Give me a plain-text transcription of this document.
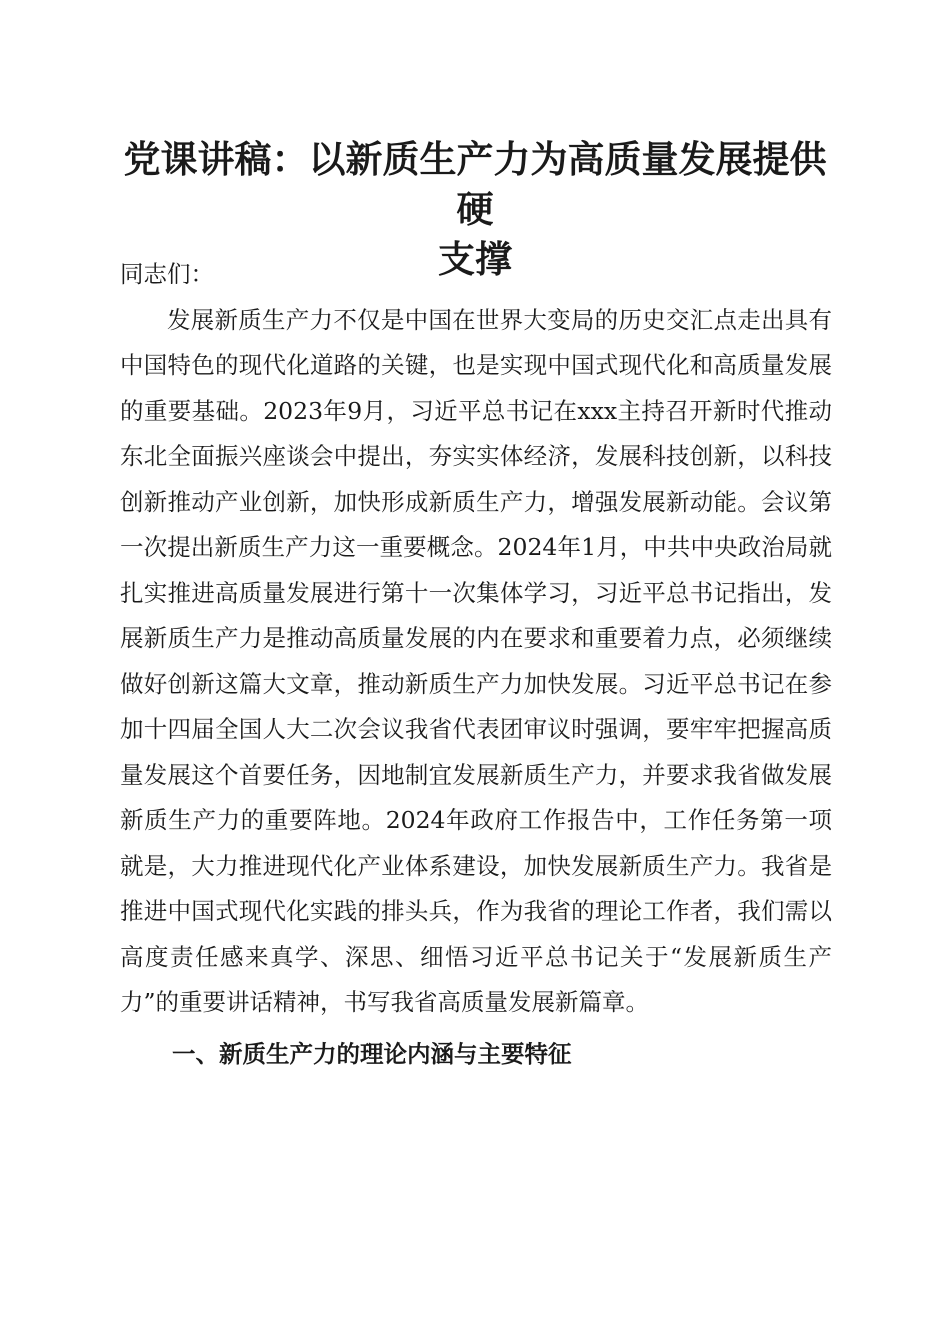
党课讲稿：以新质生产力为高质量发展提供硬
支撑

同志们：

发展新质生产力不仅是中国在世界大变局的历史交汇点走出具有中国特色的现代化道路的关键，也是实现中国式现代化和高质量发展的重要基础。2023年9月，习近平总书记在xxx主持召开新时代推动东北全面振兴座谈会中提出，夯实实体经济，发展科技创新，以科技创新推动产业创新，加快形成新质生产力，增强发展新动能。会议第一次提出新质生产力这一重要概念。2024年1月，中共中央政治局就扎实推进高质量发展进行第十一次集体学习，习近平总书记指出，发展新质生产力是推动高质量发展的内在要求和重要着力点，必须继续做好创新这篇大文章，推动新质生产力加快发展。习近平总书记在参加十四届全国人大二次会议我省代表团审议时强调，要牢牢把握高质量发展这个首要任务，因地制宜发展新质生产力，并要求我省做发展新质生产力的重要阵地。2024年政府工作报告中，工作任务第一项就是，大力推进现代化产业体系建设，加快发展新质生产力。我省是推进中国式现代化实践的排头兵，作为我省的理论工作者，我们需以高度责任感来真学、深思、细悟习近平总书记关于“发展新质生产力”的重要讲话精神，书写我省高质量发展新篇章。

一、新质生产力的理论内涵与主要特征
